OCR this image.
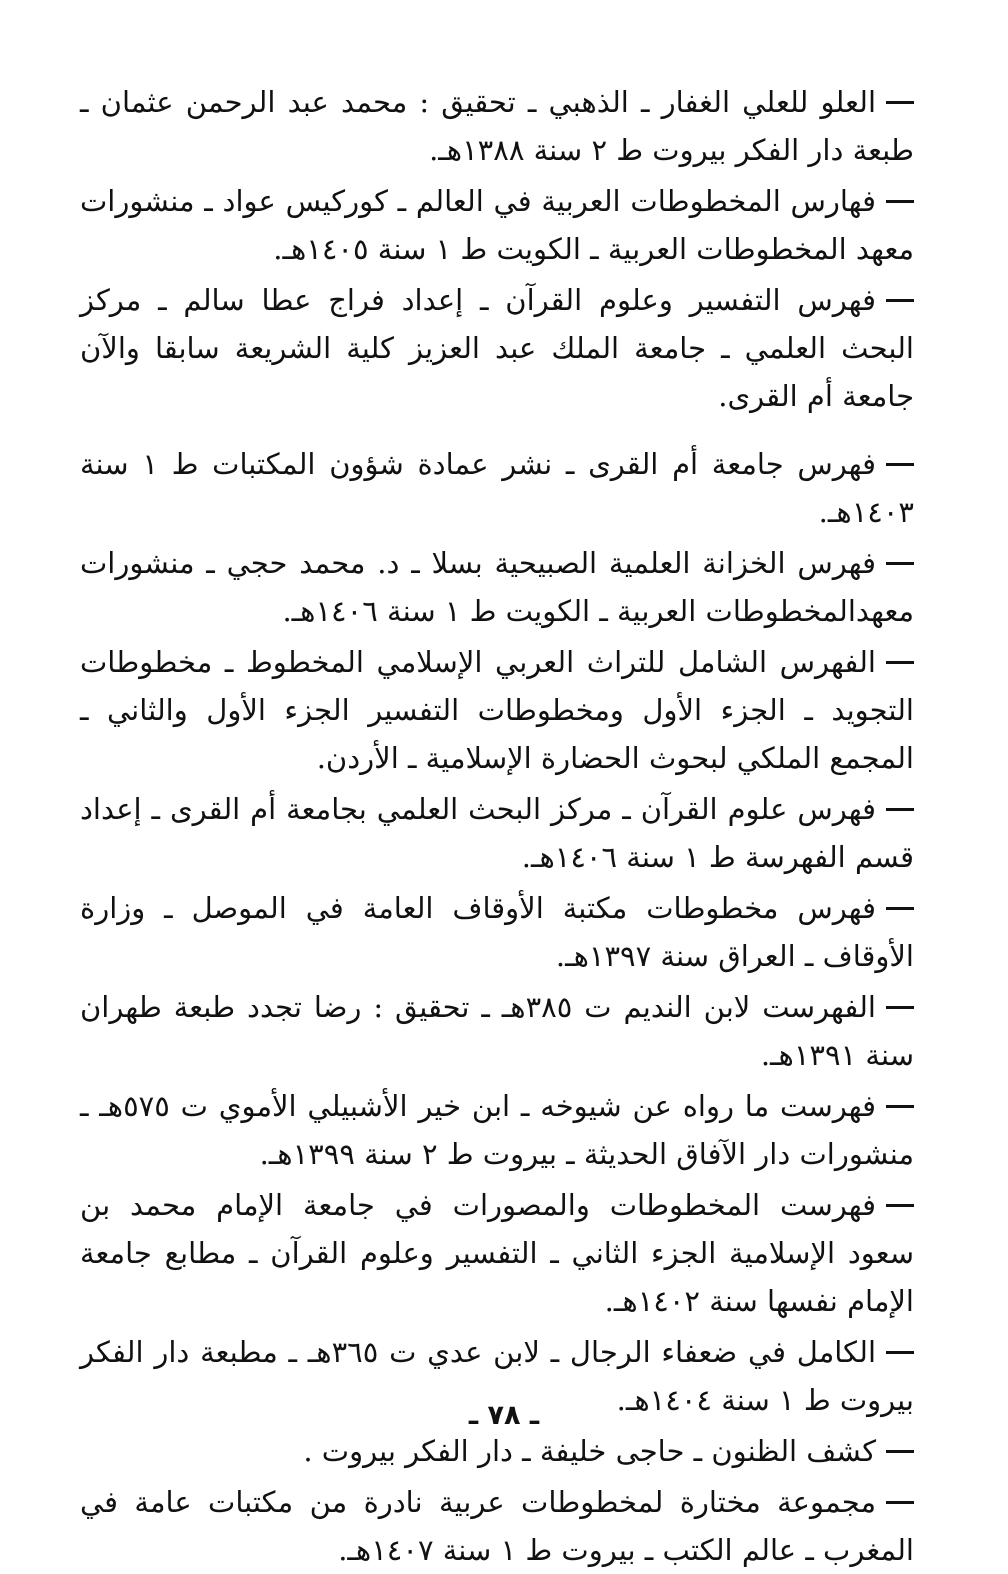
العلو للعلي الغفار ـ الذهبي ـ تحقيق : محمد عبد الرحمن عثمان ـ طبعة دار الفكر بيروت ط ٢ سنة ١٣٨٨هـ.

فهارس المخطوطات العربية في العالم ـ كوركيس عواد ـ منشورات معهد المخطوطات العربية ـ الكويت ط ١ سنة ١٤٠٥هـ.

فهرس التفسير وعلوم القرآن ـ إعداد فراج عطا سالم ـ مركز البحث العلمي ـ جامعة الملك عبد العزيز كلية الشريعة سابقا والآن جامعة أم القرى.

فهرس جامعة أم القرى ـ نشر عمادة شؤون المكتبات ط ١ سنة ١٤٠٣هـ.

فهرس الخزانة العلمية الصبيحية بسلا ـ د. محمد حجي ـ منشورات معهدالمخطوطات العربية ـ الكويت ط ١ سنة ١٤٠٦هـ.

الفهرس الشامل للتراث العربي الإسلامي المخطوط ـ مخطوطات التجويد ـ الجزء الأول ومخطوطات التفسير الجزء الأول والثاني ـ المجمع الملكي لبحوث الحضارة الإسلامية ـ الأردن.

فهرس علوم القرآن ـ مركز البحث العلمي بجامعة أم القرى ـ إعداد قسم الفهرسة ط ١ سنة ١٤٠٦هـ.

فهرس مخطوطات مكتبة الأوقاف العامة في الموصل ـ وزارة الأوقاف ـ العراق سنة ١٣٩٧هـ.

الفهرست لابن النديم ت ٣٨٥هـ ـ تحقيق : رضا تجدد طبعة طهران سنة ١٣٩١هـ.

فهرست ما رواه عن شيوخه ـ ابن خير الأشبيلي الأموي ت ٥٧٥هـ ـ منشورات دار الآفاق الحديثة ـ بيروت ط ٢ سنة ١٣٩٩هـ.

فهرست المخطوطات والمصورات في جامعة الإمام محمد بن سعود الإسلامية الجزء الثاني ـ التفسير وعلوم القرآن ـ مطابع جامعة الإمام نفسها سنة ١٤٠٢هـ.

الكامل في ضعفاء الرجال ـ لابن عدي ت ٣٦٥هـ ـ مطبعة دار الفكر بيروت ط ١ سنة ١٤٠٤هـ.

كشف الظنون ـ حاجى خليفة ـ دار الفكر بيروت .

مجموعة مختارة لمخطوطات عربية نادرة من مكتبات عامة في المغرب ـ عالم الكتب ـ بيروت ط ١ سنة ١٤٠٧هـ.

ـ ٧٨ ـ
